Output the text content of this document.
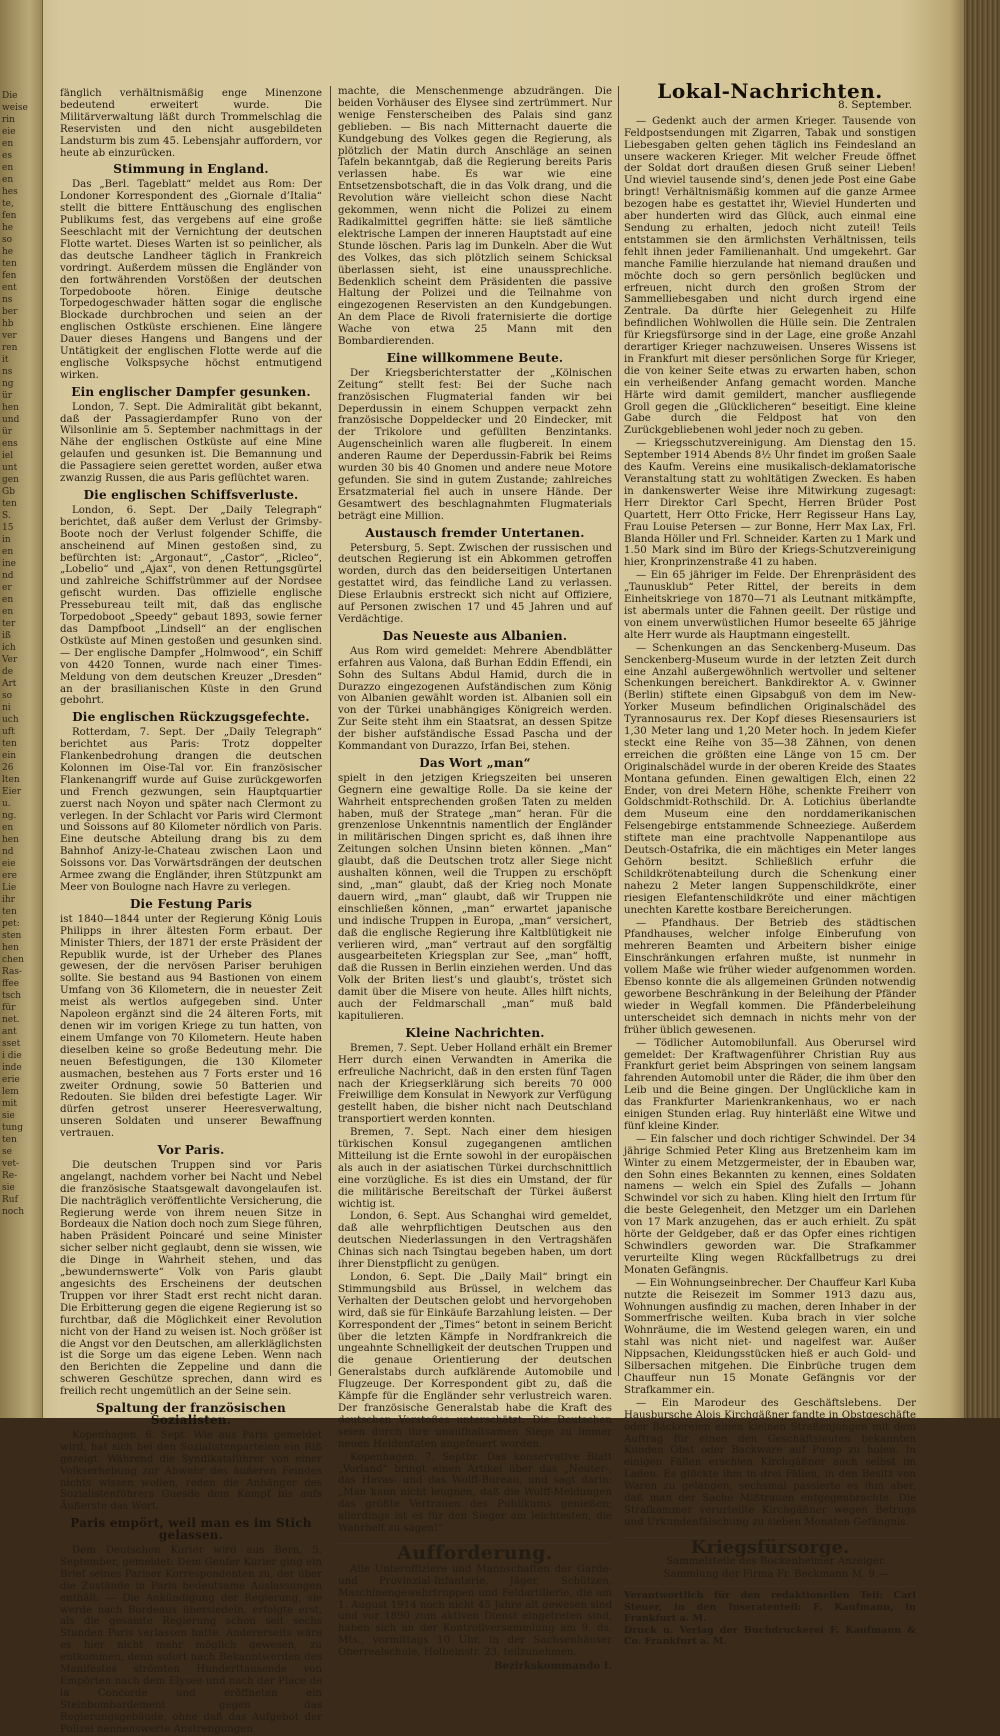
Die
weise
rin
eie
en
es
en
en
hes
te,
fen
he
so
he
ten
fen
ent
ns
ber
hb
ver
ren
it
ns
ng
ür
hen
und
ür
ens
iel
unt
gen
Gb
ten
S.
15
in
en
ine
nd
er
en
en
ter
iß
ich
Ver
de
Art
so
ni
uch
uft
ten
ein
26
lten
Eier
u.
ng.
en
hen
nd
eie
ere
Lie
ihr
ten
pet:
sten
hen
chen
Ras-
ffee
tsch
für
net.
ant
sset
i die
inde
erie
lem
mit
sie
tung
ten
se
vet-
Re-
sie
Ruf
noch

fänglich verhältnismäßig enge Minenzone bedeutend erweitert wurde. Die Militärverwaltung läßt durch Trommelschlag die Reservisten und den nicht ausgebildeten Landsturm bis zum 45. Lebensjahr auffordern, vor heute ab einzurücken.

Stimmung in England.

Das „Berl. Tageblatt“ meldet aus Rom: Der Londoner Korrespondent des „Giornale d’Italia“ stellt die bittere Enttäuschung des englischen Publikums fest, das vergebens auf eine große Seeschlacht mit der Vernichtung der deutschen Flotte wartet. Dieses Warten ist so peinlicher, als das deutsche Landheer täglich in Frankreich vordringt. Außerdem müssen die Engländer von den fortwährenden Vorstößen der deutschen Torpedoboote hören. Einige deutsche Torpedogeschwader hätten sogar die englische Blockade durchbrochen und seien an der englischen Ostküste erschienen. Eine längere Dauer dieses Hangens und Bangens und der Untätigkeit der englischen Flotte werde auf die englische Volkspsyche höchst entmutigend wirken.

Ein englischer Dampfer gesunken.

London, 7. Sept. Die Admiralität gibt bekannt, daß der Passagierdampfer Runo von der Wilsonlinie am 5. September nachmittags in der Nähe der englischen Ostküste auf eine Mine gelaufen und gesunken ist. Die Bemannung und die Passagiere seien gerettet worden, außer etwa zwanzig Russen, die aus Paris geflüchtet waren.

Die englischen Schiffsverluste.

London, 6. Sept. Der „Daily Telegraph“ berichtet, daß außer dem Verlust der Grimsby-Boote noch der Verlust folgender Schiffe, die anscheinend auf Minen gestoßen sind, zu befürchten ist: „Argonaut“, „Castor“, „Ricleo“, „Lobelio“ und „Ajax“, von denen Rettungsgürtel und zahlreiche Schiffstrümmer auf der Nordsee gefischt wurden. Das offizielle englische Pressebureau teilt mit, daß das englische Torpedoboot „Speedy“ gebaut 1893, sowie ferner das Dampfboot „Lindsell“ an der englischen Ostküste auf Minen gestoßen und gesunken sind. — Der englische Dampfer „Holmwood“, ein Schiff von 4420 Tonnen, wurde nach einer Times-Meldung von dem deutschen Kreuzer „Dresden“ an der brasilianischen Küste in den Grund gebohrt.

Die englischen Rückzugsgefechte.

Rotterdam, 7. Sept. Der „Daily Telegraph“ berichtet aus Paris: Trotz doppelter Flankenbedrohung drangen die deutschen Kolonnen im Oise-Tal vor. Ein französischer Flankenangriff wurde auf Guise zurückgeworfen und French gezwungen, sein Hauptquartier zuerst nach Noyon und später nach Clermont zu verlegen. In der Schlacht vor Paris wird Clermont und Soissons auf 80 Kilometer nördlich von Paris. Eine deutsche Abteilung drang bis zu dem Bahnhof Anizy-le-Chateau zwischen Laon und Soissons vor. Das Vorwärtsdrängen der deutschen Armee zwang die Engländer, ihren Stützpunkt am Meer von Boulogne nach Havre zu verlegen.

Die Festung Paris

ist 1840—1844 unter der Regierung König Louis Philipps in ihrer ältesten Form erbaut. Der Minister Thiers, der 1871 der erste Präsident der Republik wurde, ist der Urheber des Planes gewesen, der die nervösen Pariser beruhigen sollte. Sie bestand aus 94 Bastionen von einem Umfang von 36 Kilometern, die in neuester Zeit meist als wertlos aufgegeben sind. Unter Napoleon ergänzt sind die 24 älteren Forts, mit denen wir im vorigen Kriege zu tun hatten, von einem Umfange von 70 Kilometern. Heute haben dieselben keine so große Bedeutung mehr. Die neuen Befestigungen, die 130 Kilometer ausmachen, bestehen aus 7 Forts erster und 16 zweiter Ordnung, sowie 50 Batterien und Redouten. Sie bilden drei befestigte Lager. Wir dürfen getrost unserer Heeresverwaltung, unseren Soldaten und unserer Bewaffnung vertrauen.

Vor Paris.

Die deutschen Truppen sind vor Paris angelangt, nachdem vorher bei Nacht und Nebel die französische Staatsgewalt davongelaufen ist. Die nachträglich veröffentlichte Versicherung, die Regierung werde von ihrem neuen Sitze in Bordeaux die Nation doch noch zum Siege führen, haben Präsident Poincaré und seine Minister sicher selber nicht geglaubt, denn sie wissen, wie die Dinge in Wahrheit stehen, und das „bewundernswerte“ Volk von Paris glaubt angesichts des Erscheinens der deutschen Truppen vor ihrer Stadt erst recht nicht daran. Die Erbitterung gegen die eigene Regierung ist so furchtbar, daß die Möglichkeit einer Revolution nicht von der Hand zu weisen ist. Noch größer ist die Angst vor den Deutschen, am allerkläglichsten ist die Sorge um das eigene Leben. Wenn nach den Berichten die Zeppeline und dann die schweren Geschütze sprechen, dann wird es freilich recht ungemütlich an der Seine sein.

Spaltung der französischen Sozialisten.

Kopenhagen, 6. Sept. Wie aus Paris gemeldet wird, hat sich bei den Sozialistenparteien ein Riß gezeigt. Während die Syndikatsführer von einer Volkserhebung zur Abwehr des äußeren Feindes nichts wissen wollen, reden die Anhänger des Sozialistenführers Guesde dem Kampf bis aufs Äußerste das Wort.

Paris empört, weil man es im Stich gelassen.

Dem Deutschen Kurier wird aus Bern, 5. September, gemeldet: Dem Genfer Kurier ging ein Brief seines Pariser Korrespondenten zu, der über die Zustände in Paris bedeutsame Auslassungen enthält: — Die Ankündigung der Regierung, sie werde nach Bordeaux übersiedeln, erfolgte erst, als die gesamte Regierung schon seit sechs Stunden Paris verlassen hatte. Andererseits wäre es hier nicht mehr möglich gewesen, zu entkommen, denn sofort nach Bekanntwerden des Manifestes strömten Hunderttausende von Empörten nach dem Elysee und nach der Place de la Concorde und eröffneten ein Steinbombardement gegen das Regierungsgebäude, ohne daß das Aufgebot der Polizei nennenswerte Anstrengungen

machte, die Menschenmenge abzudrängen. Die beiden Vorhäuser des Elysee sind zertrümmert. Nur wenige Fensterscheiben des Palais sind ganz geblieben. — Bis nach Mitternacht dauerte die Kundgebung des Volkes gegen die Regierung, als plötzlich der Matin durch Anschläge an seinen Tafeln bekanntgab, daß die Regierung bereits Paris verlassen habe. Es war wie eine Entsetzensbotschaft, die in das Volk drang, und die Revolution wäre vielleicht schon diese Nacht gekommen, wenn nicht die Polizei zu einem Radikalmittel gegriffen hätte: sie ließ sämtliche elektrische Lampen der inneren Hauptstadt auf eine Stunde löschen. Paris lag im Dunkeln. Aber die Wut des Volkes, das sich plötzlich seinem Schicksal überlassen sieht, ist eine unaussprechliche. Bedenklich scheint dem Präsidenten die passive Haltung der Polizei und die Teilnahme von eingezogenen Reservisten an den Kundgebungen. An dem Place de Rivoli fraternisierte die dortige Wache von etwa 25 Mann mit den Bombardierenden.

Eine willkommene Beute.

Der Kriegsberichterstatter der „Kölnischen Zeitung“ stellt fest: Bei der Suche nach französischen Flugmaterial fanden wir bei Deperdussin in einem Schuppen verpackt zehn französische Doppeldecker und 20 Eindecker, mit der Trikolore und gefüllten Benzintanks. Augenscheinlich waren alle flugbereit. In einem anderen Raume der Deperdussin-Fabrik bei Reims wurden 30 bis 40 Gnomen und andere neue Motore gefunden. Sie sind in gutem Zustande; zahlreiches Ersatzmaterial fiel auch in unsere Hände. Der Gesamtwert des beschlagnahmten Flugmaterials beträgt eine Million.

Austausch fremder Untertanen.

Petersburg, 5. Sept. Zwischen der russischen und deutschen Regierung ist ein Abkommen getroffen worden, durch das den beiderseitigen Untertanen gestattet wird, das feindliche Land zu verlassen. Diese Erlaubnis erstreckt sich nicht auf Offiziere, auf Personen zwischen 17 und 45 Jahren und auf Verdächtige.

Das Neueste aus Albanien.

Aus Rom wird gemeldet: Mehrere Abendblätter erfahren aus Valona, daß Burhan Eddin Effendi, ein Sohn des Sultans Abdul Hamid, durch die in Durazzo eingezogenen Aufständischen zum König von Albanien gewählt worden ist. Albanien soll ein von der Türkei unabhängiges Königreich werden. Zur Seite steht ihm ein Staatsrat, an dessen Spitze der bisher aufständische Essad Pascha und der Kommandant von Durazzo, Irfan Bei, stehen.

Das Wort „man“

spielt in den jetzigen Kriegszeiten bei unseren Gegnern eine gewaltige Rolle. Da sie keine der Wahrheit entsprechenden großen Taten zu melden haben, muß der Stratege „man“ heran. Für die grenzenlose Unkenntnis namentlich der Engländer in militärischen Dingen spricht es, daß ihnen ihre Zeitungen solchen Unsinn bieten können. „Man“ glaubt, daß die Deutschen trotz aller Siege nicht aushalten können, weil die Truppen zu erschöpft sind, „man“ glaubt, daß der Krieg noch Monate dauern wird, „man“ glaubt, daß wir Truppen nie einschließen können, „man“ erwartet japanische und indische Truppen in Europa, „man“ versichert, daß die englische Regierung ihre Kaltblütigkeit nie verlieren wird, „man“ vertraut auf den sorgfältig ausgearbeiteten Kriegsplan zur See, „man“ hofft, daß die Russen in Berlin einziehen werden. Und das Volk der Briten liest’s und glaubt’s, tröstet sich damit über die Misere von heute. Alles hilft nichts, auch der Feldmarschall „man“ muß bald kapitulieren.

Kleine Nachrichten.

Bremen, 7. Sept. Ueber Holland erhält ein Bremer Herr durch einen Verwandten in Amerika die erfreuliche Nachricht, daß in den ersten fünf Tagen nach der Kriegserklärung sich bereits 70 000 Freiwillige dem Konsulat in Newyork zur Verfügung gestellt haben, die bisher nicht nach Deutschland transportiert werden konnten.

Bremen, 7. Sept. Nach einer dem hiesigen türkischen Konsul zugegangenen amtlichen Mitteilung ist die Ernte sowohl in der europäischen als auch in der asiatischen Türkei durchschnittlich eine vorzügliche. Es ist dies ein Umstand, der für die militärische Bereitschaft der Türkei äußerst wichtig ist.

London, 6. Sept. Aus Schanghai wird gemeldet, daß alle wehrpflichtigen Deutschen aus den deutschen Niederlassungen in den Vertragshäfen Chinas sich nach Tsingtau begeben haben, um dort ihrer Dienstpflicht zu genügen.

London, 6. Sept. Die „Daily Mail“ bringt ein Stimmungsbild aus Brüssel, in welchem das Verhalten der Deutschen gelobt und hervorgehoben wird, daß sie für Einkäufe Barzahlung leisten. — Der Korrespondent der „Times“ betont in seinem Bericht über die letzten Kämpfe in Nordfrankreich die ungeahnte Schnelligkeit der deutschen Truppen und die genaue Orientierung der deutschen Generalstabs durch aufklärende Automobile und Flugzeuge. Der Korrespondent gibt zu, daß die Kämpfe für die Engländer sehr verlustreich waren. Der französische Generalstab habe die Kraft des deutschen Vorstoßes unterschätzt. Die Deutschen seien durch ihre unaufhaltsamen Siege zu immer neuen Heldentaten angefeuert worden.

Kopenhagen, 7. Septbr. Das konservative Blatt „Vorland“ bringt einen Artikel über das „Neuter-, das Havas- und das Wolff-Bureau, und sagt darin: „Man kann nicht leugnen, daß die Wolff-Meldungen das größte Vertrauen des Publikums genießen; allerdings ist es für den Sieger am leichtesten, die Wahrheit zu sagen!“

Aufforderung.

Alle Unteroffiziere und Mannschaften der Garde- und Provinzial-Infanterie, Jäger, Schützen, Maschinengewehrtruppen und Feldartillerie, die am 1. August 1914 noch nicht 45 Jahre alt gewesen sind und vor 1890 zum aktiven Dienst eingetreten sind, haben sich an der Kontrollversammlung am 9. ds. Mts., vormittags 10 Uhr, in der Sachsenhäuser Oberrealschule, Holbeinstr. 23, teilzunehmen.

Bezirkskommando I.
Lokal-Nachrichten.
8. September.

— Gedenkt auch der armen Krieger. Tausende von Feldpostsendungen mit Zigarren, Tabak und sonstigen Liebesgaben gelten gehen täglich ins Feindesland an unsere wackeren Krieger. Mit welcher Freude öffnet der Soldat dort draußen diesen Gruß seiner Lieben! Und wieviel tausende sind’s, denen jede Post eine Gabe bringt! Verhältnismäßig kommen auf die ganze Armee bezogen habe es gestattet ihr, Wieviel Hunderten und aber hunderten wird das Glück, auch einmal eine Sendung zu erhalten, jedoch nicht zuteil! Teils entstammen sie den ärmlichsten Verhältnissen, teils fehlt ihnen jeder Familienanhalt. Und umgekehrt. Gar manche Familie hierzulande hat niemand draußen und möchte doch so gern persönlich beglücken und erfreuen, nicht durch den großen Strom der Sammelliebesgaben und nicht durch irgend eine Zentrale. Da dürfte hier Gelegenheit zu Hilfe befindlichen Wohlwollen die Hülle sein. Die Zentralen für Kriegsfürsorge sind in der Lage, eine große Anzahl derartiger Krieger nachzuweisen. Unseres Wissens ist in Frankfurt mit dieser persönlichen Sorge für Krieger, die von keiner Seite etwas zu erwarten haben, schon ein verheißender Anfang gemacht worden. Manche Härte wird damit gemildert, mancher ausfliegende Groll gegen die „Glücklicheren“ beseitigt. Eine kleine Gabe durch die Feldpost hat von den Zurückgebliebenen wohl jeder noch zu geben.

— Kriegsschutzvereinigung. Am Dienstag den 15. September 1914 Abends 8½ Uhr findet im großen Saale des Kaufm. Vereins eine musikalisch-deklamatorische Veranstaltung statt zu wohltätigen Zwecken. Es haben in dankenswerter Weise ihre Mitwirkung zugesagt: Herr Direktor Carl Specht, Herren Brüder Post Quartett, Herr Otto Fricke, Herr Regisseur Hans Lay, Frau Louise Petersen — zur Bonne, Herr Max Lax, Frl. Blanda Höller und Frl. Schneider. Karten zu 1 Mark und 1.50 Mark sind im Büro der Kriegs-Schutzvereinigung hier, Kronprinzenstraße 41 zu haben.

— Ein 65 jähriger im Felde. Der Ehrenpräsident des „Taunusklub“ Peter Rittel, der bereits in dem Einheitskriege von 1870—71 als Leutnant mitkämpfte, ist abermals unter die Fahnen geeilt. Der rüstige und von einem unverwüstlichen Humor beseelte 65 jährige alte Herr wurde als Hauptmann eingestellt.

— Schenkungen an das Senckenberg-Museum. Das Senckenberg-Museum wurde in der letzten Zeit durch eine Anzahl außergewöhnlich wertvoller und seltener Schenkungen bereichert. Bankdirektor A. v. Gwinner (Berlin) stiftete einen Gipsabguß von dem im New-Yorker Museum befindlichen Originalschädel des Tyrannosaurus rex. Der Kopf dieses Riesensauriers ist 1,30 Meter lang und 1,20 Meter hoch. In jedem Kiefer steckt eine Reihe von 35—38 Zähnen, von denen erreichen die größten eine Länge von 15 cm. Der Originalschädel wurde in der oberen Kreide des Staates Montana gefunden. Einen gewaltigen Elch, einen 22 Ender, von drei Metern Höhe, schenkte Freiherr von Goldschmidt-Rothschild. Dr. A. Lotichius überlandte dem Museum eine den norddamerikanischen Felsengebirge entstammende Schneeziege. Außerdem stiftete man eine prachtvolle Nappenantilope aus Deutsch-Ostafrika, die ein mächtiges ein Meter langes Gehörn besitzt. Schließlich erfuhr die Schildkrötenabteilung durch die Schenkung einer nahezu 2 Meter langen Suppenschildkröte, einer riesigen Elefantenschildkröte und einer mächtigen unechten Karette kostbare Bereicherungen.

— Pfandhaus. Der Betrieb des städtischen Pfandhauses, welcher infolge Einberufung von mehreren Beamten und Arbeitern bisher einige Einschränkungen erfahren mußte, ist nunmehr in vollem Maße wie früher wieder aufgenommen worden. Ebenso konnte die als allgemeinen Gründen notwendig geworbene Beschränkung in der Beleihung der Pfänder wieder in Wegfall kommen. Die Pfänderbeleihung unterscheidet sich demnach in nichts mehr von der früher üblich gewesenen.

— Tödlicher Automobilunfall. Aus Oberursel wird gemeldet: Der Kraftwagenführer Christian Ruy aus Frankfurt geriet beim Abspringen von seinem langsam fahrenden Automobil unter die Räder, die ihm über den Leib und die Beine gingen. Der Unglückliche kam in das Frankfurter Marienkrankenhaus, wo er nach einigen Stunden erlag. Ruy hinterläßt eine Witwe und fünf kleine Kinder.

— Ein falscher und doch richtiger Schwindel. Der 34 jährige Schmied Peter Kling aus Bretzenheim kam im Winter zu einem Metzgermeister, der in Ebauben war, den Sohn eines Bekannten zu kennen, eines Soldaten namens — welch ein Spiel des Zufalls — Johann Schwindel vor sich zu haben. Kling hielt den Irrtum für die beste Gelegenheit, den Metzger um ein Darlehen von 17 Mark anzugehen, das er auch erhielt. Zu spät hörte der Geldgeber, daß er das Opfer eines richtigen Schwindlers geworden war. Die Strafkammer verurteilte Kling wegen Rückfallbetrugs zu drei Monaten Gefängnis.

— Ein Wohnungseinbrecher. Der Chauffeur Karl Kuba nutzte die Reisezeit im Sommer 1913 dazu aus, Wohnungen ausfindig zu machen, deren Inhaber in der Sommerfrische weilten. Kuba brach in vier solche Wohnräume, die im Westend gelegen waren, ein und stahl was nicht niet- und nagelfest war. Außer Nippsachen, Kleidungsstücken hieß er auch Gold- und Silbersachen mitgehen. Die Einbrüche trugen dem Chauffeur nun 15 Monate Gefängnis vor der Strafkammer ein.

— Ein Marodeur des Geschäftslebens. Der Hausbursche Alois Kirchgäßner fandte in Obstgeschäfte oder Bäckereien einen kleinen Straßenjungen mit dem Auftrag für einen den Geschäftsleuten bekannten Kunden Obst oder Backware auf Pump zu holen. In einigen Fällen erschien Kirchgäßner auch selbst im Laden. Es glückte ihm in drei Fällen, in den Besitz von Waren zu gelangen, sechsmal passierte es ihm aber, daß man der Sache Mißtrauen entgegenbrachte. Die Strafkammer verurteilte Kirchgäßner wegen Betrugs und Urkundenfälschung zu sieben Monaten Gefängnis.

Kriegsfürsorge.

Sammelstelle des Bockenheimer Anzeiger.

Sammlung der Firma Fr. Beckmann M. 9.—

Verantwortlich für den redaktionellen Teil: Carl Steuer, in den Inseratenteil: F. Kaufmann, in Frankfurt a. M.

Druck u. Verlag der Buchdruckerei F. Kaufmann & Co. Frankfurt a. M.
